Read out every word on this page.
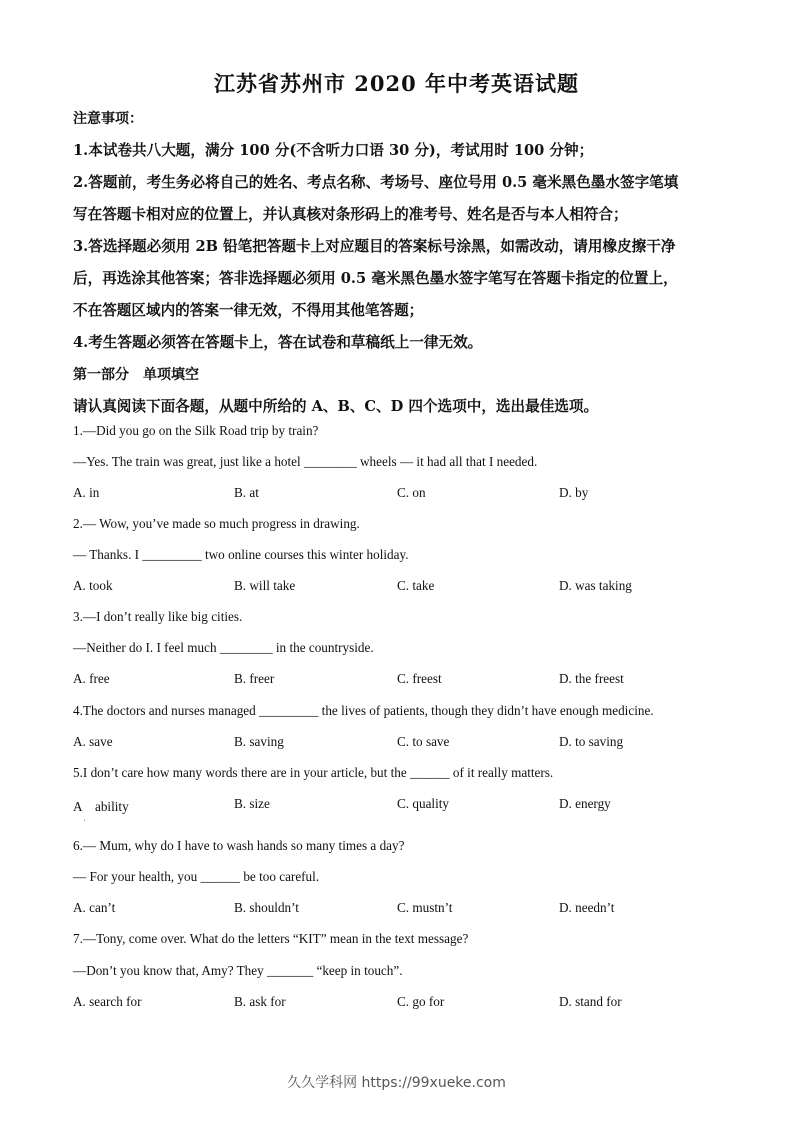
江苏省苏州市 2020 年中考英语试题
注意事项：
1.本试卷共八大题，满分 100 分(不含听力口语 30 分)，考试用时 100 分钟；
2.答题前，考生务必将自己的姓名、考点名称、考场号、座位号用 0.5 毫米黑色墨水签字笔填
写在答题卡相对应的位置上，并认真核对条形码上的准考号、姓名是否与本人相符合；
3.答选择题必须用 2B 铅笔把答题卡上对应题目的答案标号涂黑，如需改动，请用橡皮擦干净
后，再选涂其他答案；答非选择题必须用 0.5 毫米黑色墨水签字笔写在答题卡指定的位置上，
不在答题区域内的答案一律无效，不得用其他笔答题；
4.考生答题必须答在答题卡上，答在试卷和草稿纸上一律无效。
第一部分　单项填空
请认真阅读下面各题，从题中所给的 A、B、C、D 四个选项中，选出最佳选项。
1.—Did you go on the Silk Road trip by train?
—Yes. The train was great, just like a hotel ________ wheels — it had all that I needed.
A. in	B. at	C. on	D. by
2.— Wow, you’ve made so much progress in drawing.
— Thanks. I _________ two online courses this winter holiday.
A. took	B. will take	C. take	D. was taking
3.—I don’t really like big cities.
—Neither do I. I feel much ________ in the countryside.
A. free	B. freer	C. freest	D. the freest
4.The doctors and nurses managed _________ the lives of patients, though they didn’t have enough medicine.
A. save	B. saving	C. to save	D. to saving
5.I don’t care how many words there are in your article, but the ______ of it really matters.
A　ability	B. size	C. quality	D. energy
'
6.— Mum, why do I have to wash hands so many times a day?
— For your health, you ______ be too careful.
A. can’t	B. shouldn’t	C. mustn’t	D. needn’t
7.—Tony, come over. What do the letters “KIT” mean in the text message?
—Don’t you know that, Amy? They _______ “keep in touch”.
A. search for	B. ask for	C. go for	D. stand for
久久学科网 https://99xueke.com
